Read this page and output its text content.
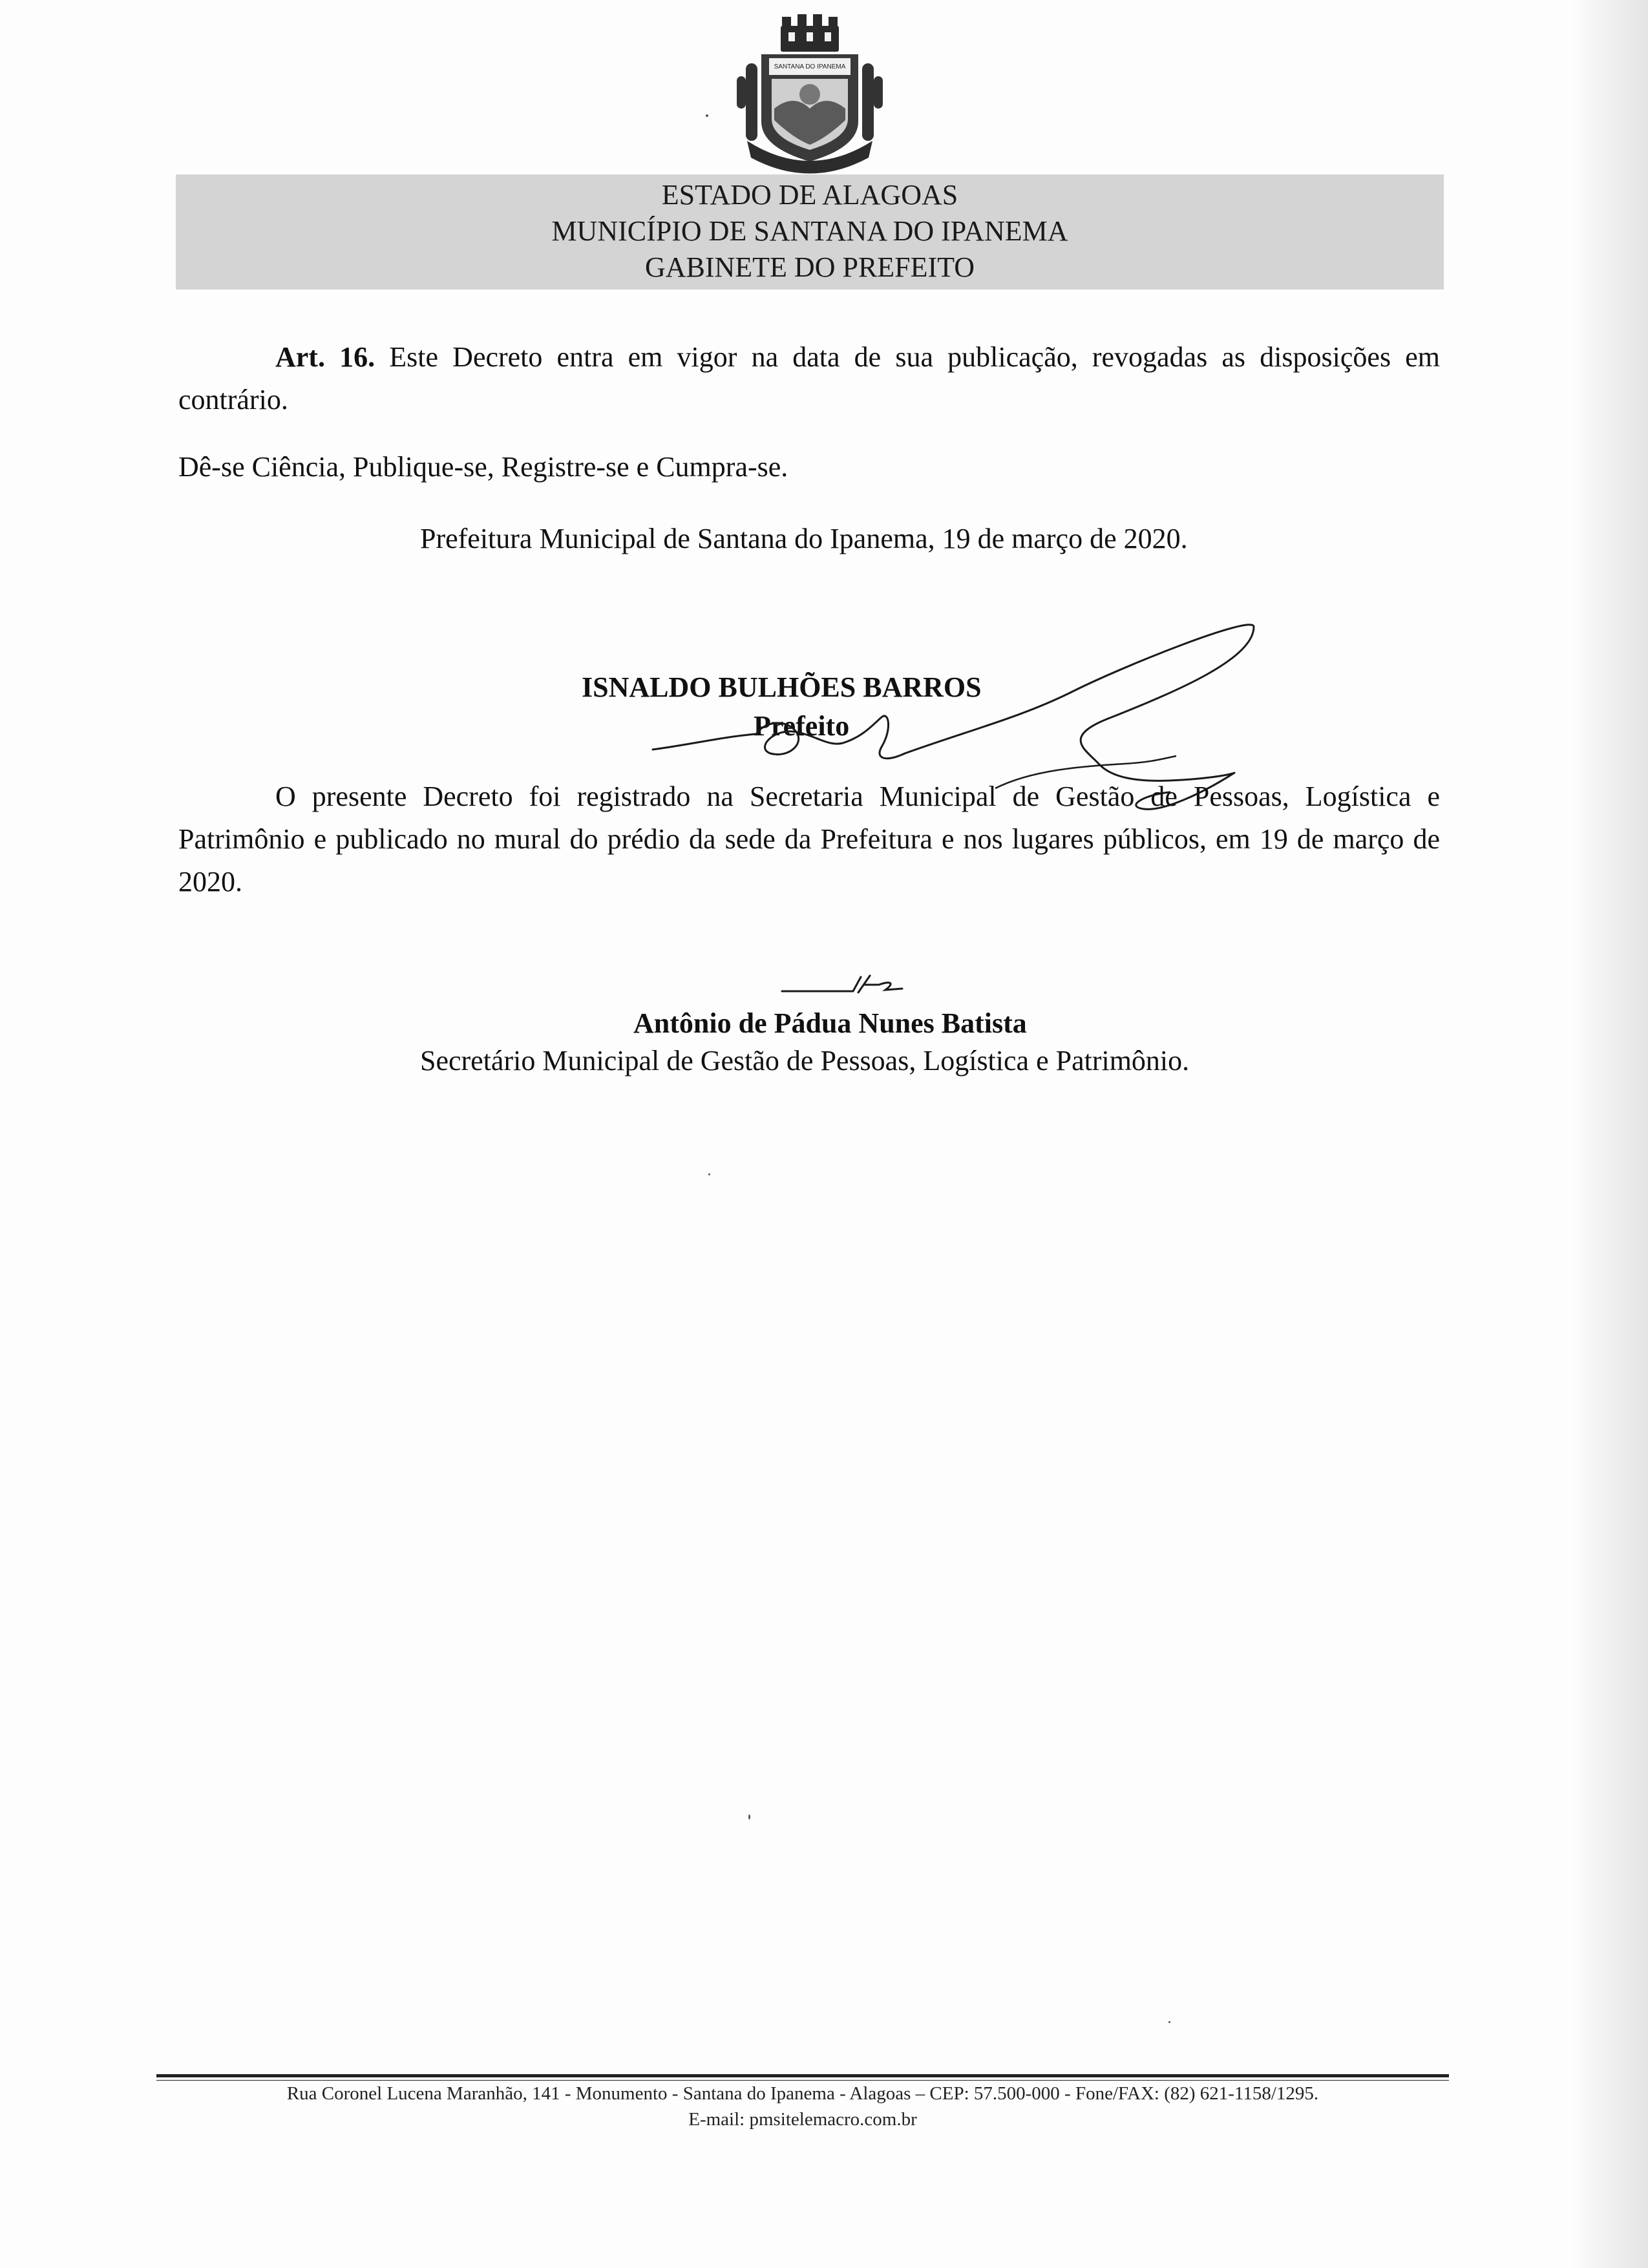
SANTANA DO IPANEMA
ESTADO DE ALAGOAS
MUNICÍPIO DE SANTANA DO IPANEMA
GABINETE DO PREFEITO
Art. 16. Este Decreto entra em vigor na data de sua publicação, revogadas as disposições em contrário.
Dê-se Ciência, Publique-se, Registre-se e Cumpra-se.
Prefeitura Municipal de Santana do Ipanema, 19 de março de 2020.
ISNALDO BULHÕES BARROS
Prefeito
O presente Decreto foi registrado na Secretaria Municipal de Gestão de Pessoas, Logística e Patrimônio e publicado no mural do prédio da sede da Prefeitura e nos lugares públicos, em 19 de março de 2020.
Antônio de Pádua Nunes Batista
Secretário Municipal de Gestão de Pessoas, Logística e Patrimônio.
Rua Coronel Lucena Maranhão, 141 - Monumento - Santana do Ipanema - Alagoas – CEP: 57.500-000 - Fone/FAX: (82) 621-1158/1295.
E-mail: pmsitelemacro.com.br
